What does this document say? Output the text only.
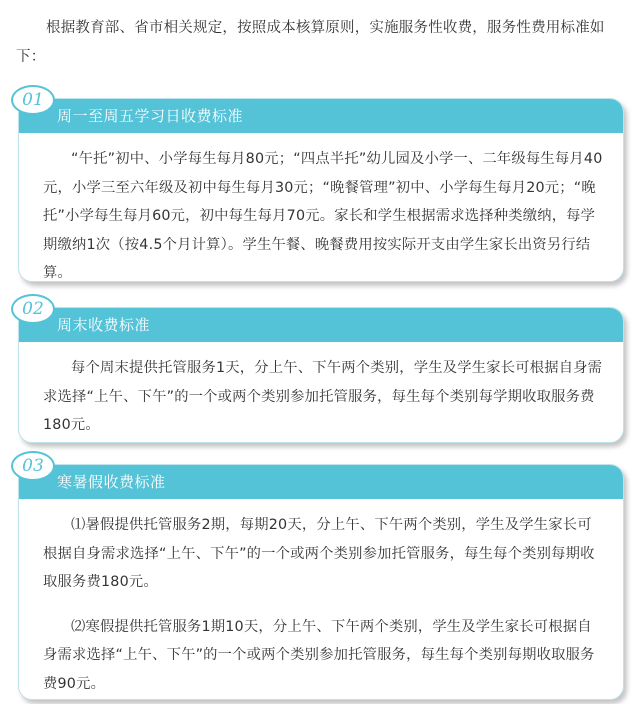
根据教育部、省市相关规定，按照成本核算原则，实施服务性收费，服务性费用标准如下：
周一至周五学习日收费标准
01

“午托”初中、小学每生每月80元；“四点半托”幼儿园及小学一、二年级每生每月40元，小学三至六年级及初中每生每月30元；“晚餐管理”初中、小学每生每月20元；“晚托”小学每生每月60元，初中每生每月70元。家长和学生根据需求选择种类缴纳，每学期缴纳1次（按4.5个月计算）。学生午餐、晚餐费用按实际开支由学生家长出资另行结算。

周末收费标准
02

每个周末提供托管服务1天，分上午、下午两个类别，学生及学生家长可根据自身需求选择“上午、下午”的一个或两个类别参加托管服务，每生每个类别每学期收取服务费180元。

寒暑假收费标准
03

⑴暑假提供托管服务2期，每期20天，分上午、下午两个类别，学生及学生家长可根据自身需求选择“上午、下午”的一个或两个类别参加托管服务，每生每个类别每期收取服务费180元。

⑵寒假提供托管服务1期10天，分上午、下午两个类别，学生及学生家长可根据自身需求选择“上午、下午”的一个或两个类别参加托管服务，每生每个类别每期收取服务费90元。
